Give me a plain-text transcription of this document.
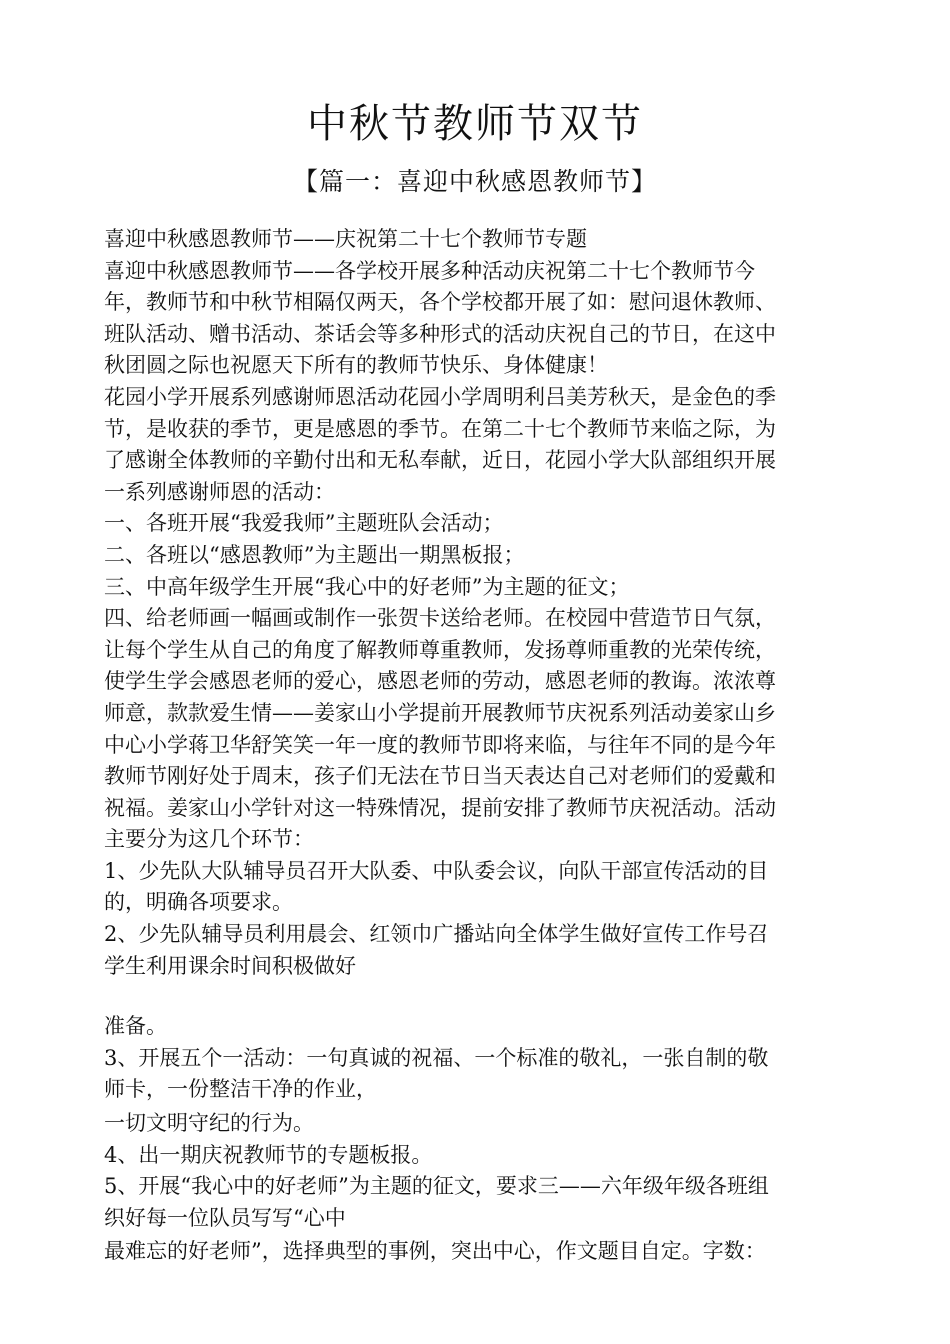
中秋节教师节双节
【篇一：喜迎中秋感恩教师节】
喜迎中秋感恩教师节——庆祝第二十七个教师节专题
喜迎中秋感恩教师节——各学校开展多种活动庆祝第二十七个教师节今
年，教师节和中秋节相隔仅两天，各个学校都开展了如：慰问退休教师、
班队活动、赠书活动、茶话会等多种形式的活动庆祝自己的节日，在这中
秋团圆之际也祝愿天下所有的教师节快乐、身体健康！
花园小学开展系列感谢师恩活动花园小学周明利吕美芳秋天，是金色的季
节，是收获的季节，更是感恩的季节。在第二十七个教师节来临之际，为
了感谢全体教师的辛勤付出和无私奉献，近日，花园小学大队部组织开展
一系列感谢师恩的活动：
一、各班开展“我爱我师”主题班队会活动；
二、各班以“感恩教师”为主题出一期黑板报；
三、中高年级学生开展“我心中的好老师”为主题的征文；
四、给老师画一幅画或制作一张贺卡送给老师。在校园中营造节日气氛，
让每个学生从自己的角度了解教师尊重教师，发扬尊师重教的光荣传统，
使学生学会感恩老师的爱心，感恩老师的劳动，感恩老师的教诲。浓浓尊
师意，款款爱生情——姜家山小学提前开展教师节庆祝系列活动姜家山乡
中心小学蒋卫华舒笑笑一年一度的教师节即将来临，与往年不同的是今年
教师节刚好处于周末，孩子们无法在节日当天表达自己对老师们的爱戴和
祝福。姜家山小学针对这一特殊情况，提前安排了教师节庆祝活动。活动
主要分为这几个环节：
1、少先队大队辅导员召开大队委、中队委会议，向队干部宣传活动的目
的，明确各项要求。
2、少先队辅导员利用晨会、红领巾广播站向全体学生做好宣传工作号召
学生利用课余时间积极做好
准备。
3、开展五个一活动：一句真诚的祝福、一个标准的敬礼，一张自制的敬
师卡，一份整洁干净的作业，
一切文明守纪的行为。
4、出一期庆祝教师节的专题板报。
5、开展“我心中的好老师”为主题的征文，要求三——六年级年级各班组
织好每一位队员写写“心中
最难忘的好老师”，选择典型的事例，突出中心，作文题目自定。字数：
